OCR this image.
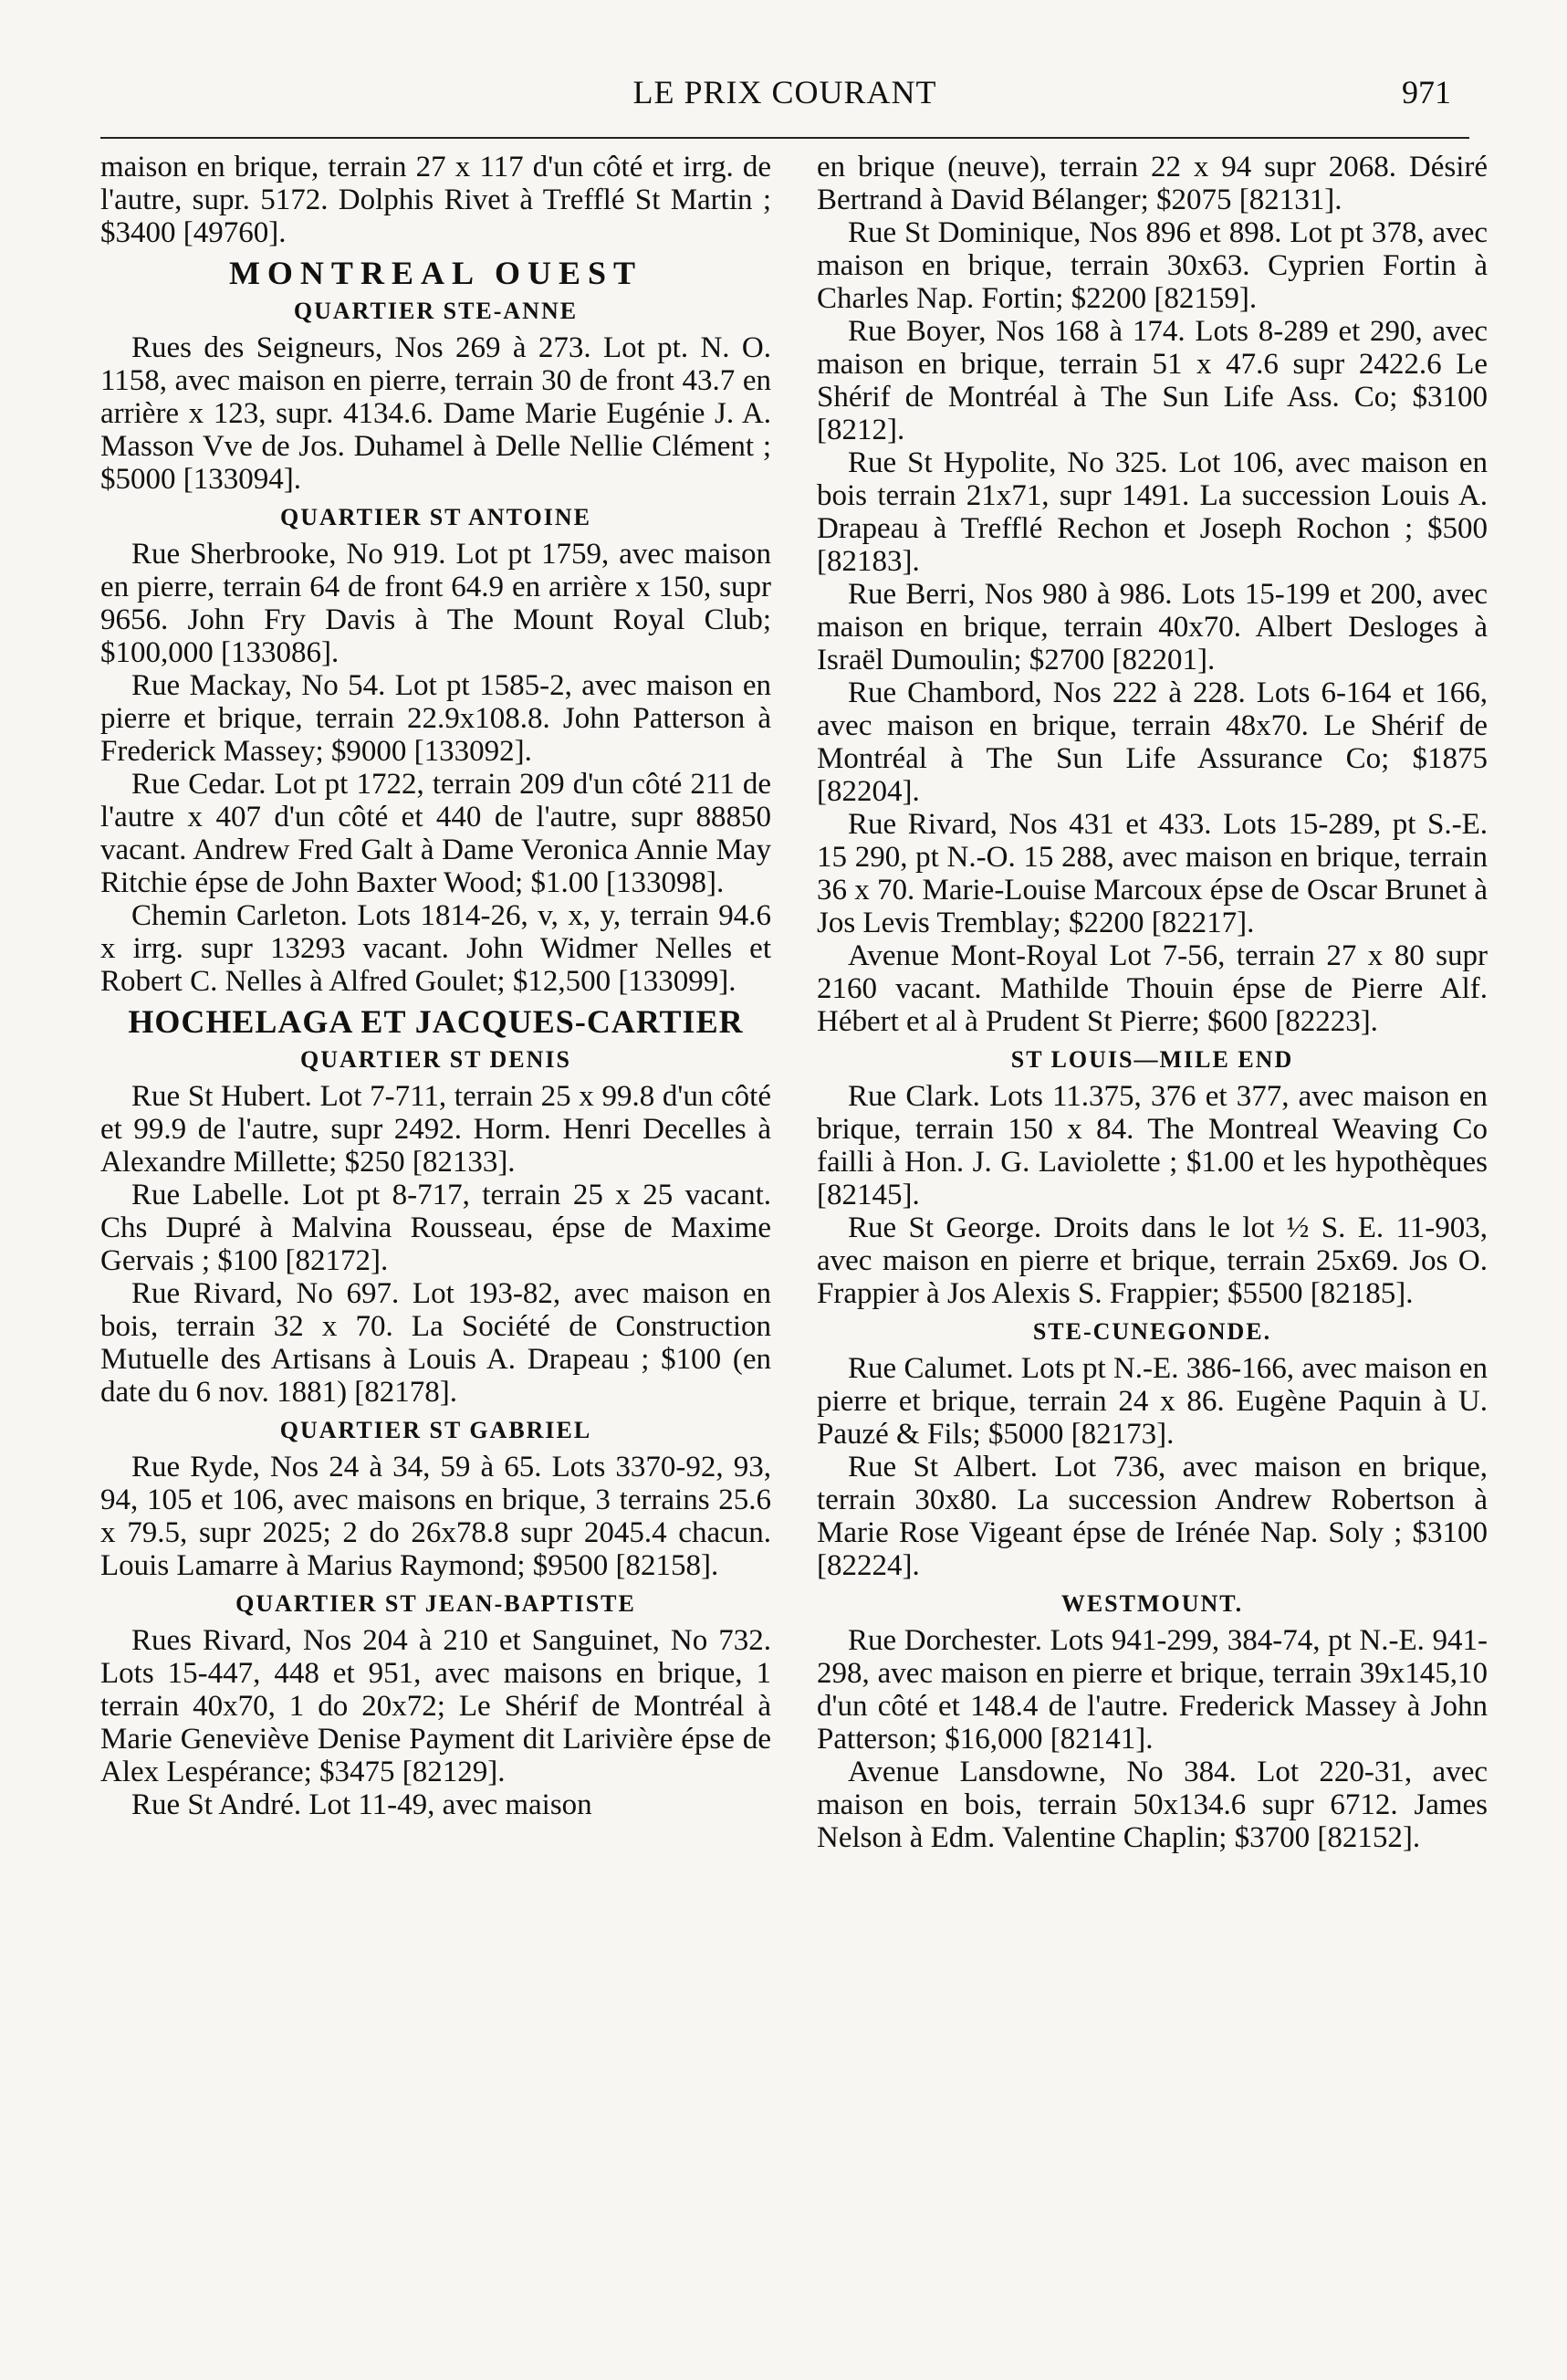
LE PRIX COURANT	971

maison en brique, terrain 27 x 117 d'un côté et irrg. de l'autre, supr. 5172. Dolphis Rivet à Trefflé St Martin ; $3400 [49760].

MONTREAL OUEST
QUARTIER STE-ANNE

Rues des Seigneurs, Nos 269 à 273. Lot pt. N. O. 1158, avec maison en pierre, terrain 30 de front 43.7 en arrière x 123, supr. 4134.6. Dame Marie Eugénie J. A. Masson Vve de Jos. Duhamel à Delle Nellie Clément ; $5000 [133094].

QUARTIER ST ANTOINE

Rue Sherbrooke, No 919. Lot pt 1759, avec maison en pierre, terrain 64 de front 64.9 en arrière x 150, supr 9656. John Fry Davis à The Mount Royal Club; $100,000 [133086].

Rue Mackay, No 54. Lot pt 1585-2, avec maison en pierre et brique, terrain 22.9x108.8. John Patterson à Frederick Massey; $9000 [133092].

Rue Cedar. Lot pt 1722, terrain 209 d'un côté 211 de l'autre x 407 d'un côté et 440 de l'autre, supr 88850 vacant. Andrew Fred Galt à Dame Veronica Annie May Ritchie épse de John Baxter Wood; $1.00 [133098].

Chemin Carleton. Lots 1814-26, v, x, y, terrain 94.6 x irrg. supr 13293 vacant. John Widmer Nelles et Robert C. Nelles à Alfred Goulet; $12,500 [133099].

HOCHELAGA ET JACQUES-CARTIER
QUARTIER ST DENIS

Rue St Hubert. Lot 7-711, terrain 25 x 99.8 d'un côté et 99.9 de l'autre, supr 2492. Horm. Henri Decelles à Alexandre Millette; $250 [82133].

Rue Labelle. Lot pt 8-717, terrain 25 x 25 vacant. Chs Dupré à Malvina Rousseau, épse de Maxime Gervais ; $100 [82172].

Rue Rivard, No 697. Lot 193-82, avec maison en bois, terrain 32 x 70. La Société de Construction Mutuelle des Artisans à Louis A. Drapeau ; $100 (en date du 6 nov. 1881) [82178].

QUARTIER ST GABRIEL

Rue Ryde, Nos 24 à 34, 59 à 65. Lots 3370-92, 93, 94, 105 et 106, avec maisons en brique, 3 terrains 25.6 x 79.5, supr 2025; 2 do 26x78.8 supr 2045.4 chacun. Louis Lamarre à Marius Raymond; $9500 [82158].

QUARTIER ST JEAN-BAPTISTE

Rues Rivard, Nos 204 à 210 et Sanguinet, No 732. Lots 15-447, 448 et 951, avec maisons en brique, 1 terrain 40x70, 1 do 20x72; Le Shérif de Montréal à Marie Geneviève Denise Payment dit Larivière épse de Alex Lespérance; $3475 [82129].

Rue St André. Lot 11-49, avec maison

en brique (neuve), terrain 22 x 94 supr 2068. Désiré Bertrand à David Bélanger; $2075 [82131].

Rue St Dominique, Nos 896 et 898. Lot pt 378, avec maison en brique, terrain 30x63. Cyprien Fortin à Charles Nap. Fortin; $2200 [82159].

Rue Boyer, Nos 168 à 174. Lots 8-289 et 290, avec maison en brique, terrain 51 x 47.6 supr 2422.6 Le Shérif de Montréal à The Sun Life Ass. Co; $3100 [8212].

Rue St Hypolite, No 325. Lot 106, avec maison en bois terrain 21x71, supr 1491. La succession Louis A. Drapeau à Trefflé Rechon et Joseph Rochon ; $500 [82183].

Rue Berri, Nos 980 à 986. Lots 15-199 et 200, avec maison en brique, terrain 40x70. Albert Desloges à Israël Dumoulin; $2700 [82201].

Rue Chambord, Nos 222 à 228. Lots 6-164 et 166, avec maison en brique, terrain 48x70. Le Shérif de Montréal à The Sun Life Assurance Co; $1875 [82204].

Rue Rivard, Nos 431 et 433. Lots 15-289, pt S.-E. 15 290, pt N.-O. 15 288, avec maison en brique, terrain 36 x 70. Marie-Louise Marcoux épse de Oscar Brunet à Jos Levis Tremblay; $2200 [82217].

Avenue Mont-Royal Lot 7-56, terrain 27 x 80 supr 2160 vacant. Mathilde Thouin épse de Pierre Alf. Hébert et al à Prudent St Pierre; $600 [82223].

ST LOUIS—MILE END

Rue Clark. Lots 11.375, 376 et 377, avec maison en brique, terrain 150 x 84. The Montreal Weaving Co failli à Hon. J. G. Laviolette ; $1.00 et les hypothèques [82145].

Rue St George. Droits dans le lot ½ S. E. 11-903, avec maison en pierre et brique, terrain 25x69. Jos O. Frappier à Jos Alexis S. Frappier; $5500 [82185].

STE-CUNEGONDE.

Rue Calumet. Lots pt N.-E. 386-166, avec maison en pierre et brique, terrain 24 x 86. Eugène Paquin à U. Pauzé & Fils; $5000 [82173].

Rue St Albert. Lot 736, avec maison en brique, terrain 30x80. La succession Andrew Robertson à Marie Rose Vigeant épse de Irénée Nap. Soly ; $3100 [82224].

WESTMOUNT.

Rue Dorchester. Lots 941-299, 384-74, pt N.-E. 941-298, avec maison en pierre et brique, terrain 39x145,10 d'un côté et 148.4 de l'autre. Frederick Massey à John Patterson; $16,000 [82141].

Avenue Lansdowne, No 384. Lot 220-31, avec maison en bois, terrain 50x134.6 supr 6712. James Nelson à Edm. Valentine Chaplin; $3700 [82152].
